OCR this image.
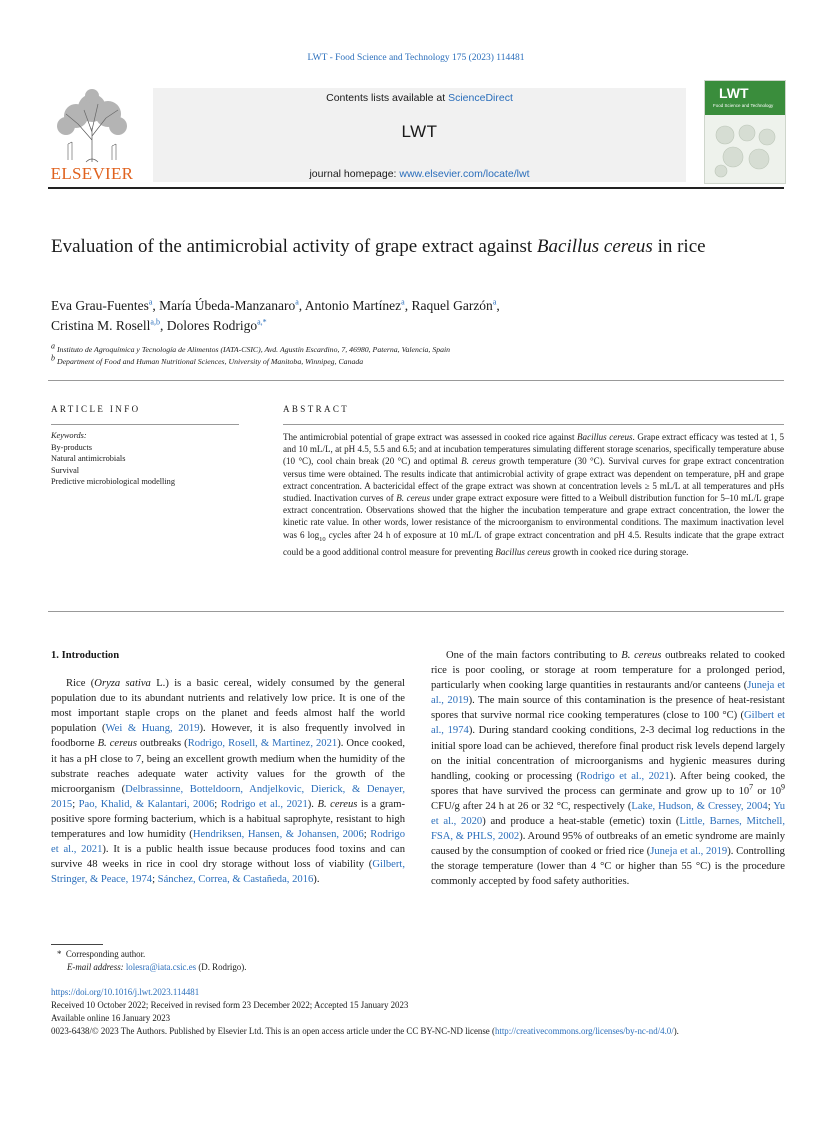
LWT - Food Science and Technology 175 (2023) 114481
ELSEVIER
Contents lists available at ScienceDirect
LWT
journal homepage: www.elsevier.com/locate/lwt
LWT
Food Science and Technology
Evaluation of the antimicrobial activity of grape extract against Bacillus cereus in rice
Eva Grau-Fuentes$^a$, María Úbeda-Manzanaro$^a$, Antonio Martínez$^a$, Raquel Garzón$^a$,
Cristina M. Rosell$^{a,b}$, Dolores Rodrigo$^{a,*}$
$^a$ Instituto de Agroquímica y Tecnología de Alimentos (IATA-CSIC), Avd. Agustín Escardino, 7, 46980, Paterna, Valencia, Spain
$^b$ Department of Food and Human Nutritional Sciences, University of Manitoba, Winnipeg, Canada
ARTICLE INFO	ABSTRACT
Keywords:
By-products
Natural antimicrobials
Survival
Predictive microbiological modelling
The antimicrobial potential of grape extract was assessed in cooked rice against Bacillus cereus. Grape extract efficacy was tested at 1, 5 and 10 mL/L, at pH 4.5, 5.5 and 6.5; and at incubation temperatures simulating different storage scenarios, specifically temperature abuse (10 °C), cool chain break (20 °C) and optimal B. cereus growth temperature (30 °C). Survival curves for grape extract concentration versus time were obtained. The results indicate that antimicrobial activity of grape extract was dependent on temperature, pH and grape extract concentration. A bactericidal effect of the grape extract was shown at concentration levels ≥ 5 mL/L at all temperatures and pHs studied. Inactivation curves of B. cereus under grape extract exposure were fitted to a Weibull distribution function for 5–10 mL/L grape extract concentration. Observations showed that the higher the incubation temperature and grape extract concentration, the lower the kinetic rate value. In other words, lower resistance of the microorganism to environmental conditions. The maximum inactivation level was 6 $\log_{10}$ cycles after 24 h of exposure at 10 mL/L of grape extract concentration and pH 4.5. Results indicate that the grape extract could be a good additional control measure for preventing Bacillus cereus growth in cooked rice during storage.

1. Introduction

Rice (Oryza sativa L.) is a basic cereal, widely consumed by the general population due to its abundant nutrients and relatively low price. It is one of the most important staple crops on the planet and feeds almost half the world population (Wei & Huang, 2019). However, it is also frequently involved in foodborne B. cereus outbreaks (Rodrigo, Rosell, & Martinez, 2021). Once cooked, it has a pH close to 7, being an excellent growth medium when the humidity of the substrate reaches adequate water activity values for the growth of the microorganism (Delbrassinne, Botteldoorn, Andjelkovic, Dierick, & Denayer, 2015; Pao, Khalid, & Kalantari, 2006; Rodrigo et al., 2021). B. cereus is a gram-positive spore forming bacterium, which is a habitual saprophyte, resistant to high temperatures and low humidity (Hendriksen, Hansen, & Johansen, 2006; Rodrigo et al., 2021). It is a public health issue because produces food toxins and can survive 48 weeks in rice in cool dry storage without loss of viability (Gilbert, Stringer, & Peace, 1974; Sánchez, Correa, & Castañeda, 2016).

One of the main factors contributing to B. cereus outbreaks related to cooked rice is poor cooling, or storage at room temperature for a prolonged period, particularly when cooking large quantities in restaurants and/or canteens (Juneja et al., 2019). The main source of this contamination is the presence of heat-resistant spores that survive normal rice cooking temperatures (close to 100 °C) (Gilbert et al., 1974). During standard cooking conditions, 2-3 decimal log reductions in the initial spore load can be achieved, therefore final product risk levels depend largely on the initial concentration of microorganisms and hygienic measures during handling, cooking or processing (Rodrigo et al., 2021). After being cooked, the spores that have survived the process can germinate and grow up to $10^7$ or $10^9$ CFU/g after 24 h at 26 or 32 °C, respectively (Lake, Hudson, & Cressey, 2004; Yu et al., 2020) and produce a heat-stable (emetic) toxin (Little, Barnes, Mitchell, FSA, & PHLS, 2002). Around 95% of outbreaks of an emetic syndrome are mainly caused by the consumption of cooked or fried rice (Juneja et al., 2019). Controlling the storage temperature (lower than 4 °C or higher than 55 °C) is the procedure commonly accepted by food safety authorities.

* Corresponding author.
E-mail address: lolesra@iata.csic.es (D. Rodrigo).
https://doi.org/10.1016/j.lwt.2023.114481
Received 10 October 2022; Received in revised form 23 December 2022; Accepted 15 January 2023
Available online 16 January 2023
0023-6438/© 2023 The Authors. Published by Elsevier Ltd. This is an open access article under the CC BY-NC-ND license (http://creativecommons.org/licenses/by-nc-nd/4.0/).
